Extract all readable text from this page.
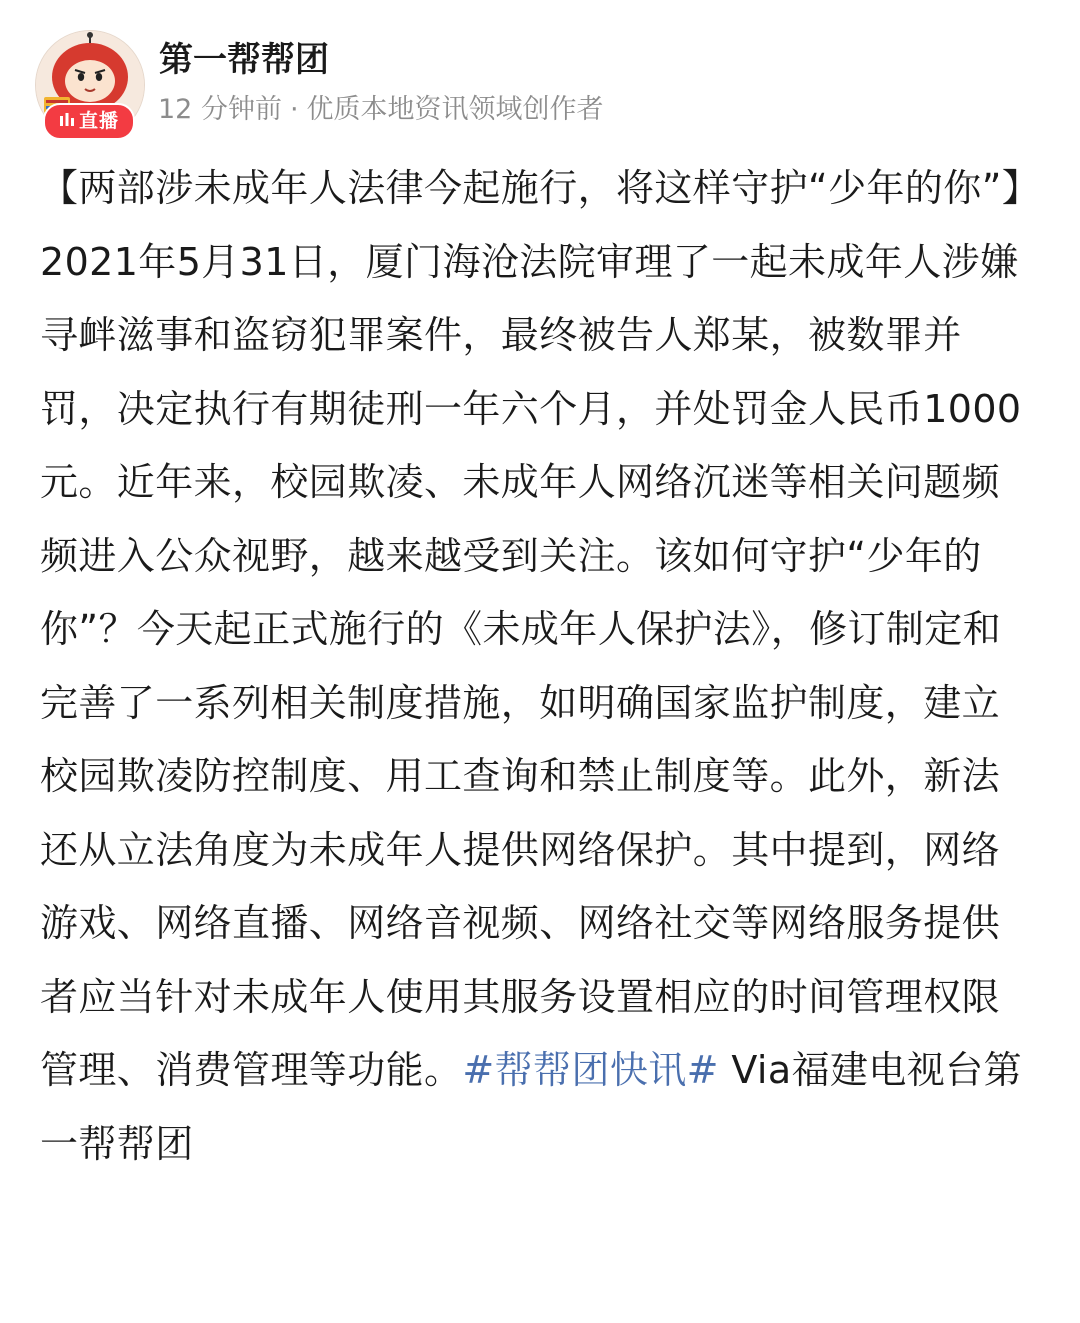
直播
第一帮帮团
12 分钟前 · 优质本地资讯领域创作者

【两部涉未成年人法律今起施行，将这样守护“少年的你”】2021年5月31日，厦门海沧法院审理了一起未成年人涉嫌寻衅滋事和盗窃犯罪案件，最终被告人郑某，被数罪并罚，决定执行有期徒刑一年六个月，并处罚金人民币1000元。近年来，校园欺凌、未成年人网络沉迷等相关问题频频进入公众视野，越来越受到关注。该如何守护“少年的你”？今天起正式施行的《未成年人保护法》，修订制定和完善了一系列相关制度措施，如明确国家监护制度，建立校园欺凌防控制度、用工查询和禁止制度等。此外，新法还从立法角度为未成年人提供网络保护。其中提到，网络游戏、网络直播、网络音视频、网络社交等网络服务提供者应当针对未成年人使用其服务设置相应的时间管理权限管理、消费管理等功能。#帮帮团快讯# Via福建电视台第一帮帮团
